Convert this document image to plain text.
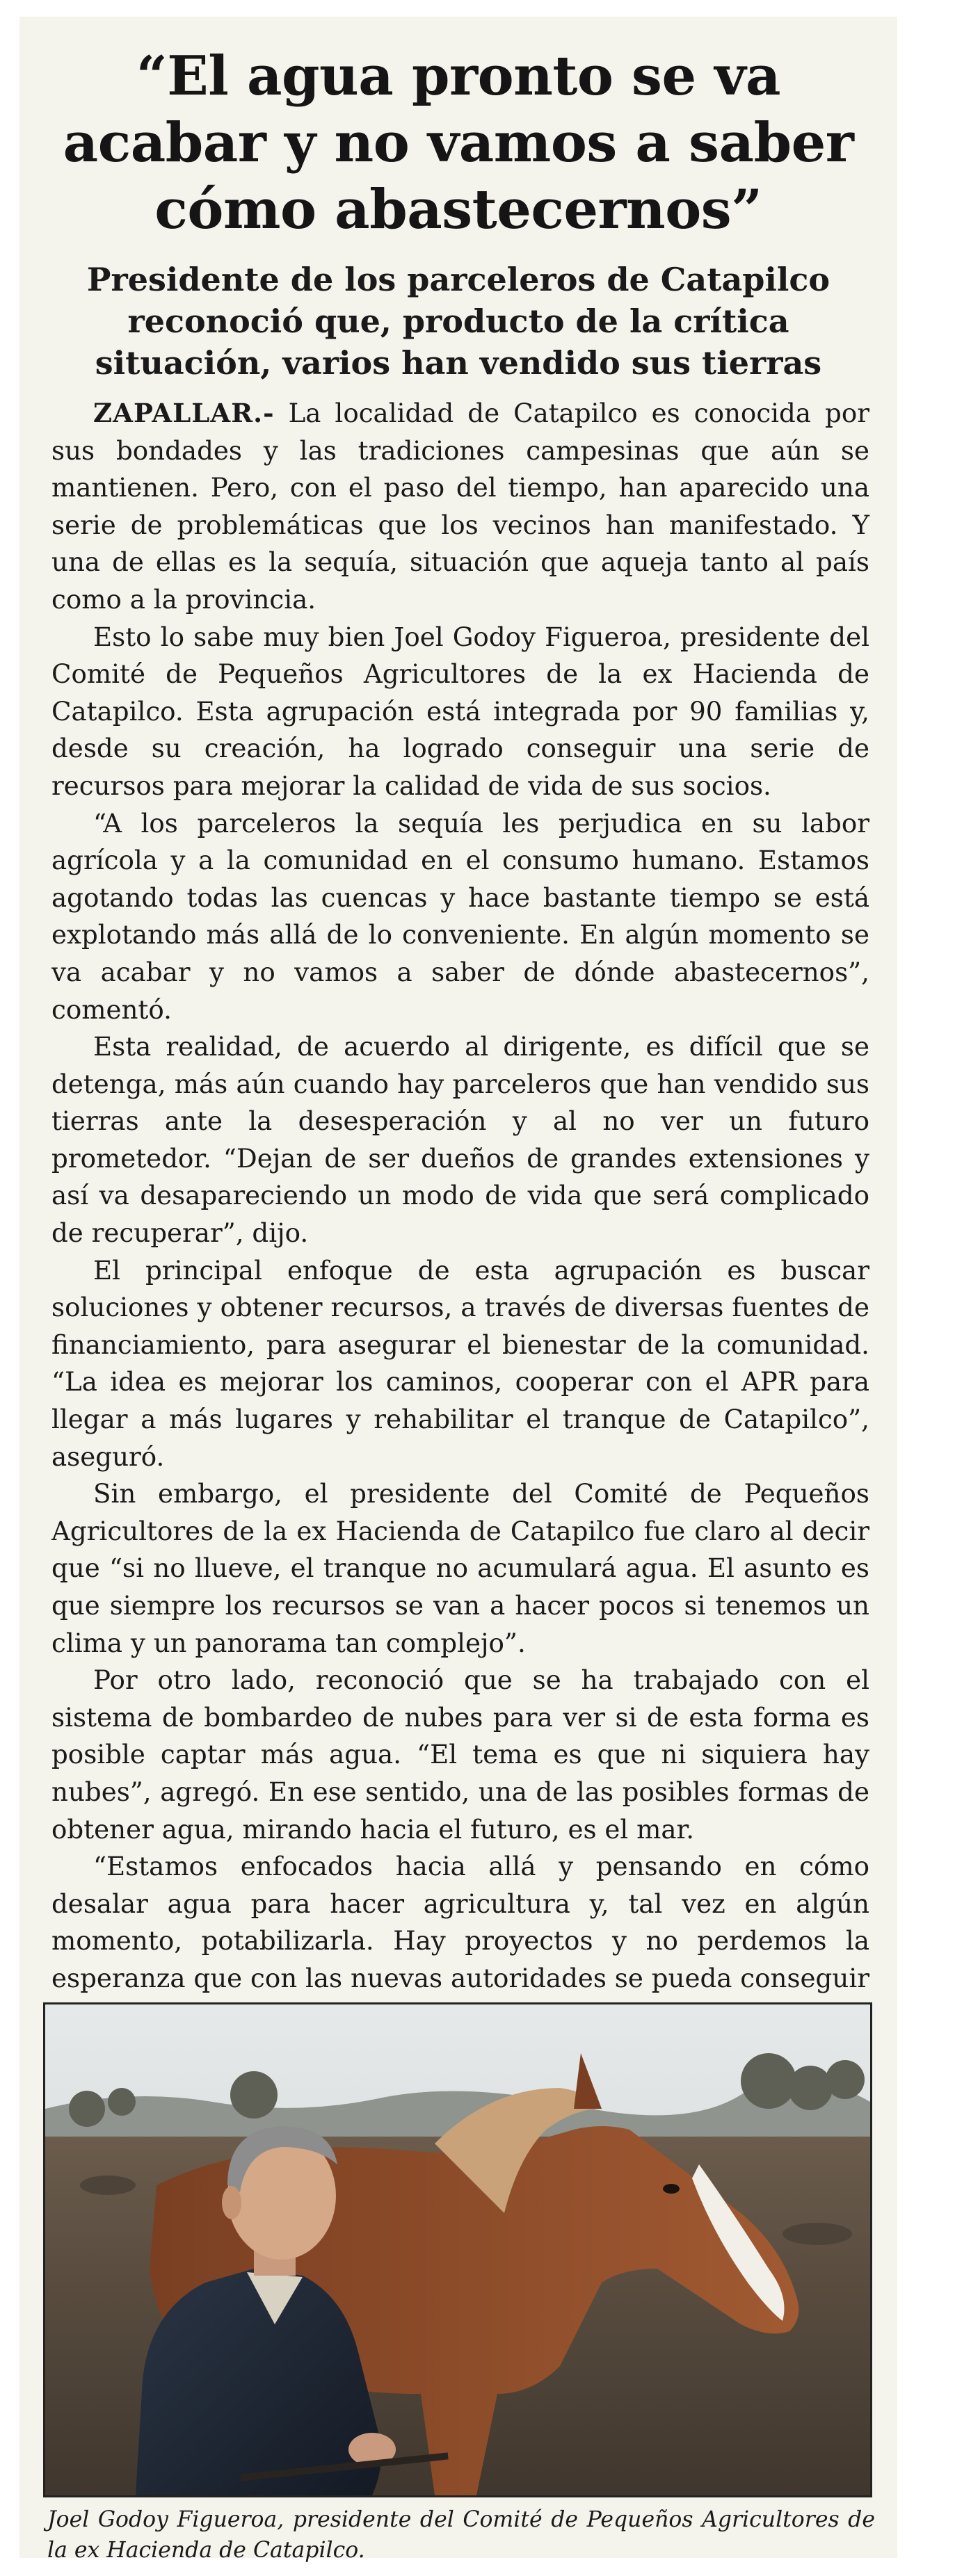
“El agua pronto se va
acabar y no vamos a saber
cómo abastecernos”
Presidente de los parceleros de Catapilco
reconoció que, producto de la crítica
situación, varios han vendido sus tierras

ZAPALLAR.- La localidad de Catapilco es conocida por sus bondades y las tradiciones campesinas que aún se mantienen. Pero, con el paso del tiempo, han aparecido una serie de problemáticas que los vecinos han manifestado. Y una de ellas es la sequía, situación que aqueja tanto al país como a la provincia.

Esto lo sabe muy bien Joel Godoy Figueroa, presidente del Comité de Pequeños Agricultores de la ex Hacienda de Catapilco. Esta agrupación está integrada por 90 familias y, desde su creación, ha logrado conseguir una serie de recursos para mejorar la calidad de vida de sus socios.

“A los parceleros la sequía les perjudica en su labor agrícola y a la comunidad en el consumo humano. Estamos agotando todas las cuencas y hace bastante tiempo se está explotando más allá de lo conveniente. En algún momento se va acabar y no vamos a saber de dónde abastecernos”, comentó.

Esta realidad, de acuerdo al dirigente, es difícil que se detenga, más aún cuando hay parceleros que han vendido sus tierras ante la desesperación y al no ver un futuro prometedor. “Dejan de ser dueños de grandes extensiones y así va desapareciendo un modo de vida que será complicado de recuperar”, dijo.

El principal enfoque de esta agrupación es buscar soluciones y obtener recursos, a través de diversas fuentes de financiamiento, para asegurar el bienestar de la comunidad. “La idea es mejorar los caminos, cooperar con el APR para llegar a más lugares y rehabilitar el tranque de Catapilco”, aseguró.

Sin embargo, el presidente del Comité de Pequeños Agricultores de la ex Hacienda de Catapilco fue claro al decir que “si no llueve, el tranque no acumulará agua. El asunto es que siempre los recursos se van a hacer pocos si tenemos un clima y un panorama tan complejo”.

Por otro lado, reconoció que se ha trabajado con el sistema de bombardeo de nubes para ver si de esta forma es posible captar más agua. “El tema es que ni siquiera hay nubes”, agregó. En ese sentido, una de las posibles formas de obtener agua, mirando hacia el futuro, es el mar.

“Estamos enfocados hacia allá y pensando en cómo desalar agua para hacer agricultura y, tal vez en algún momento, potabilizarla. Hay proyectos y no perdemos la esperanza que con las nuevas autoridades se pueda conseguir

Joel Godoy Figueroa, presidente del Comité de Pequeños Agricultores de la ex Hacienda de Catapilco.
